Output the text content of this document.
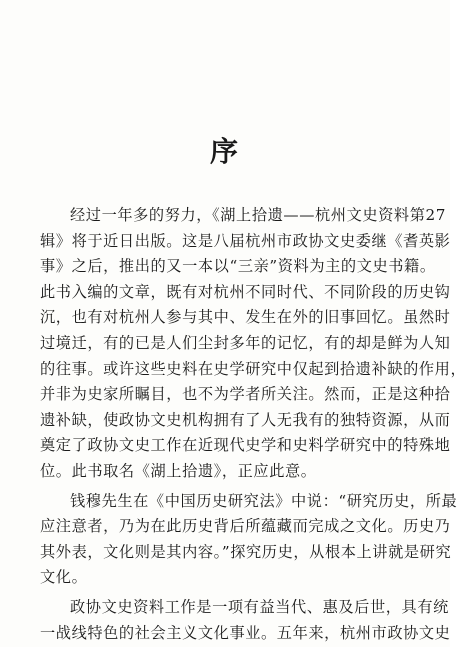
序

经过一年多的努力，《湖上拾遗——杭州文史资料第27
辑》将于近日出版。这是八届杭州市政协文史委继《耆英影
事》之后，推出的又一本以“三亲”资料为主的文史书籍。
此书入编的文章，既有对杭州不同时代、不同阶段的历史钩
沉，也有对杭州人参与其中、发生在外的旧事回忆。虽然时
过境迁，有的已是人们尘封多年的记忆，有的却是鲜为人知
的往事。或许这些史料在史学研究中仅起到拾遗补缺的作用，
并非为史家所瞩目，也不为学者所关注。然而，正是这种拾
遗补缺，使政协文史机构拥有了人无我有的独特资源，从而
奠定了政协文史工作在近现代史学和史料学研究中的特殊地
位。此书取名《湖上拾遗》，正应此意。

钱穆先生在《中国历史研究法》中说：“研究历史，所最
应注意者，乃为在此历史背后所蕴藏而完成之文化。历史乃
其外表，文化则是其内容。”探究历史，从根本上讲就是研究
文化。

政协文史资料工作是一项有益当代、惠及后世，具有统
一战线特色的社会主义文化事业。五年来，杭州市政协文史
